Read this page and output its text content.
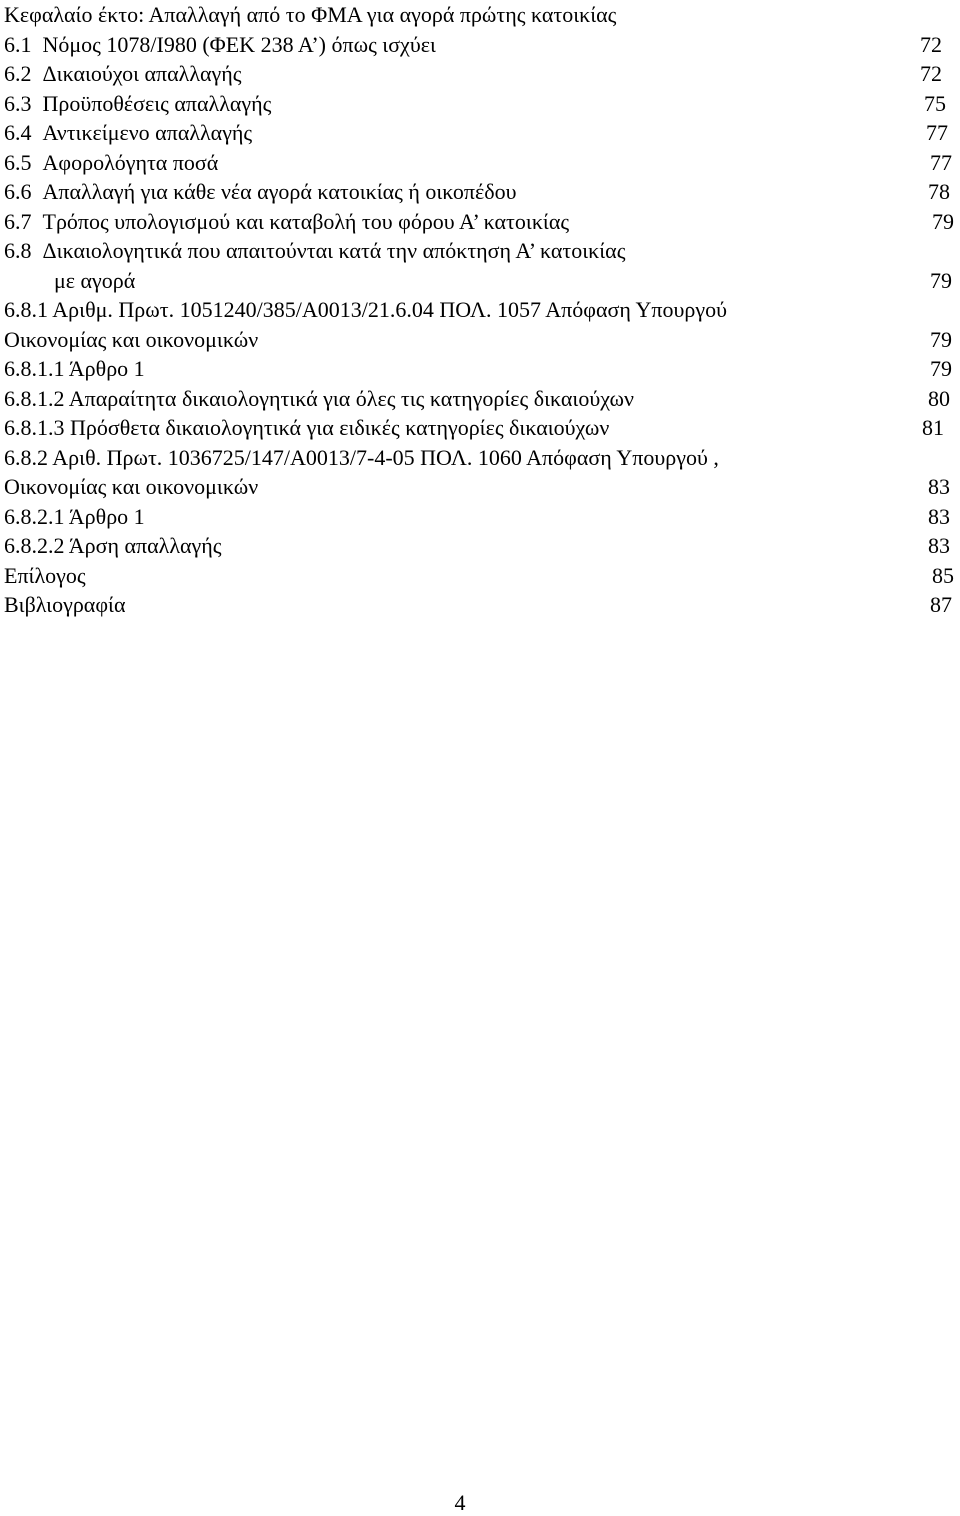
Κεφαλαίο έκτο: Απαλλαγή από το ΦΜΑ για αγορά πρώτης κατοικίας
6.1 Νόμος 1078/Ι980 (ΦΕΚ 238 Α’) όπως ισχύει	72
6.2 Δικαιούχοι απαλλαγής	72
6.3 Προϋποθέσεις απαλλαγής	75
6.4 Αντικείμενο απαλλαγής	77
6.5 Αφορολόγητα ποσά	77
6.6 Απαλλαγή για κάθε νέα αγορά κατοικίας ή οικοπέδου	78
6.7 Τρόπος υπολογισμού και καταβολή του φόρου Α’ κατοικίας	79
6.8 Δικαιολογητικά που απαιτούνται κατά την απόκτηση Α’ κατοικίας
με αγορά	79
6.8.1 Αριθμ. Πρωτ. 1051240/385/Α0013/21.6.04 ΠΟΛ. 1057 Απόφαση Υπουργού
Οικονομίας και οικονομικών	79
6.8.1.1 Άρθρο 1	79
6.8.1.2 Απαραίτητα δικαιολογητικά για όλες τις κατηγορίες δικαιούχων	80
6.8.1.3 Πρόσθετα δικαιολογητικά για ειδικές κατηγορίες δικαιούχων	81
6.8.2 Αριθ. Πρωτ. 1036725/147/Α0013/7-4-05 ΠΟΛ. 1060 Απόφαση Υπουργού ,
Οικονομίας και οικονομικών	83
6.8.2.1 Άρθρο 1	83
6.8.2.2 Άρση απαλλαγής	83
Επίλογος	85
Βιβλιογραφία	87
4
